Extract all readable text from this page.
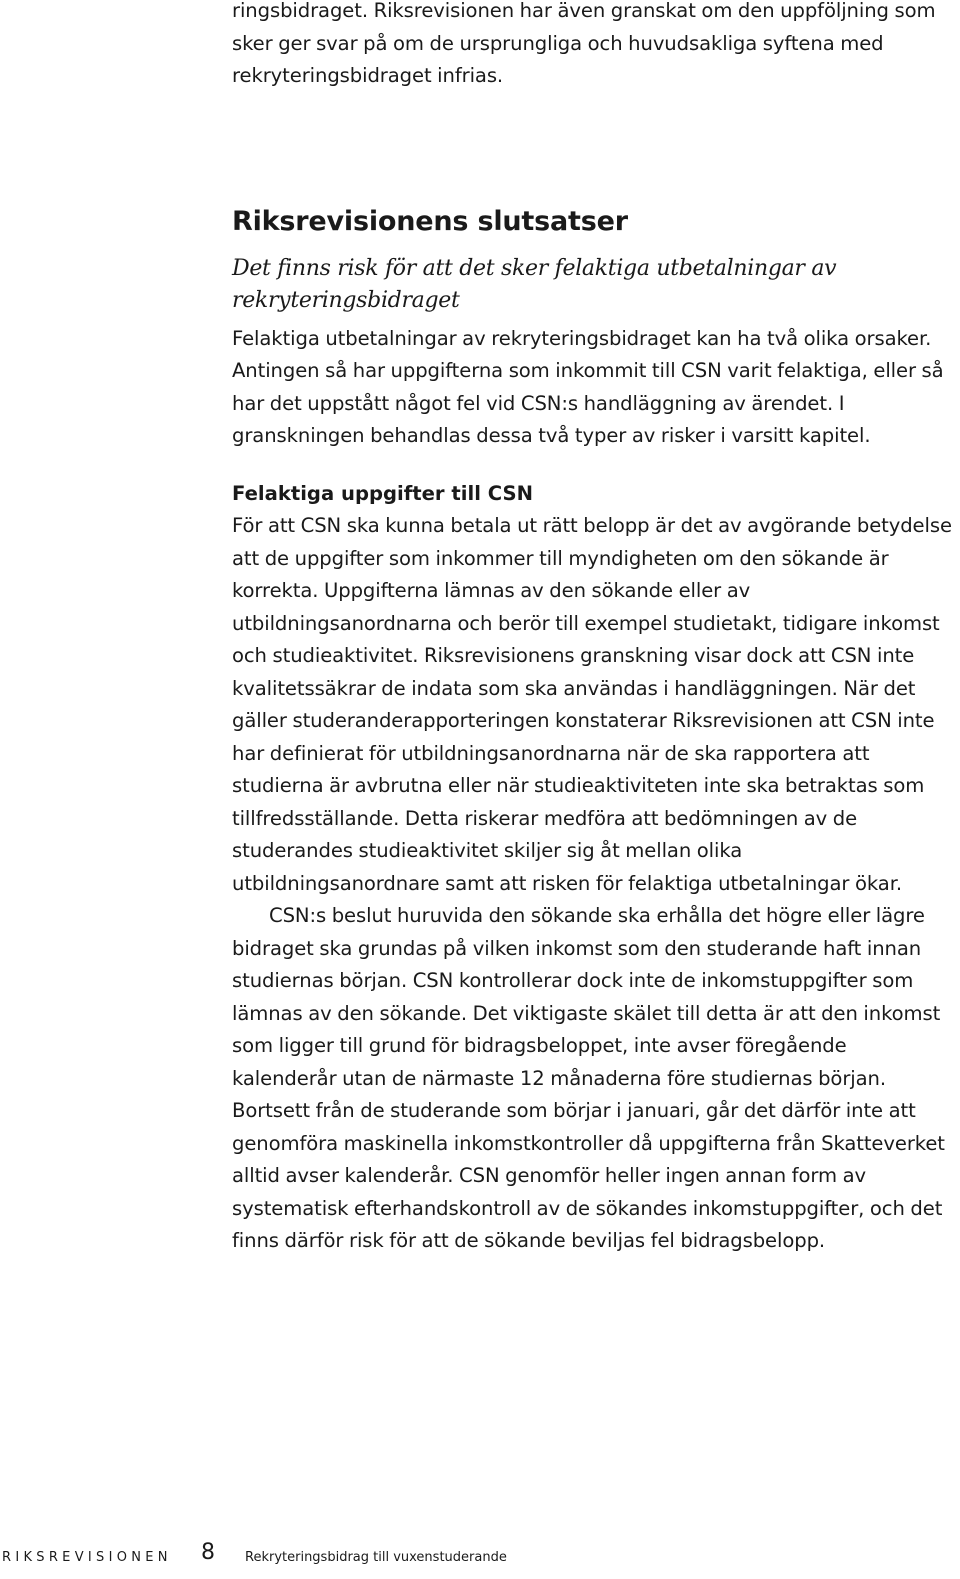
ringsbidraget. Riksrevisionen har även granskat om den uppföljning som sker ger svar på om de ursprungliga och huvudsakliga syftena med rekryteringsbidraget infrias.

Riksrevisionens slutsatser
Det finns risk för att det sker felaktiga utbetalningar av rekryteringsbidraget

Felaktiga utbetalningar av rekryteringsbidraget kan ha två olika orsaker. Antingen så har uppgifterna som inkommit till CSN varit felaktiga, eller så har det uppstått något fel vid CSN:s handläggning av ärendet. I granskningen behandlas dessa två typer av risker i varsitt kapitel.

Felaktiga uppgifter till CSN

För att CSN ska kunna betala ut rätt belopp är det av avgörande betydelse att de uppgifter som inkommer till myndigheten om den sökande är korrekta. Uppgifterna lämnas av den sökande eller av utbildningsanordnarna och berör till exempel studietakt, tidigare inkomst och studieaktivitet. Riksrevisionens granskning visar dock att CSN inte kvalitetssäkrar de indata som ska användas i handläggningen. När det gäller studeranderapporteringen konstaterar Riksrevisionen att CSN inte har definierat för utbildningsanordnarna när de ska rapportera att studierna är avbrutna eller när studieaktiviteten inte ska betraktas som tillfredsställande. Detta riskerar medföra att bedömningen av de studerandes studieaktivitet skiljer sig åt mellan olika utbildningsanordnare samt att risken för felaktiga utbetalningar ökar.

CSN:s beslut huruvida den sökande ska erhålla det högre eller lägre bidraget ska grundas på vilken inkomst som den studerande haft innan studiernas början. CSN kontrollerar dock inte de inkomstuppgifter som lämnas av den sökande. Det viktigaste skälet till detta är att den inkomst som ligger till grund för bidragsbeloppet, inte avser föregående kalenderår utan de närmaste 12 månaderna före studiernas början. Bortsett från de studerande som börjar i januari, går det därför inte att genomföra maskinella inkomstkontroller då uppgifterna från Skatteverket alltid avser kalenderår. CSN genomför heller ingen annan form av systematisk efterhandskontroll av de sökandes inkomstuppgifter, och det finns därför risk för att de sökande beviljas fel bidragsbelopp.

RIKSREVISIONEN 8 Rekryteringsbidrag till vuxenstuderande
